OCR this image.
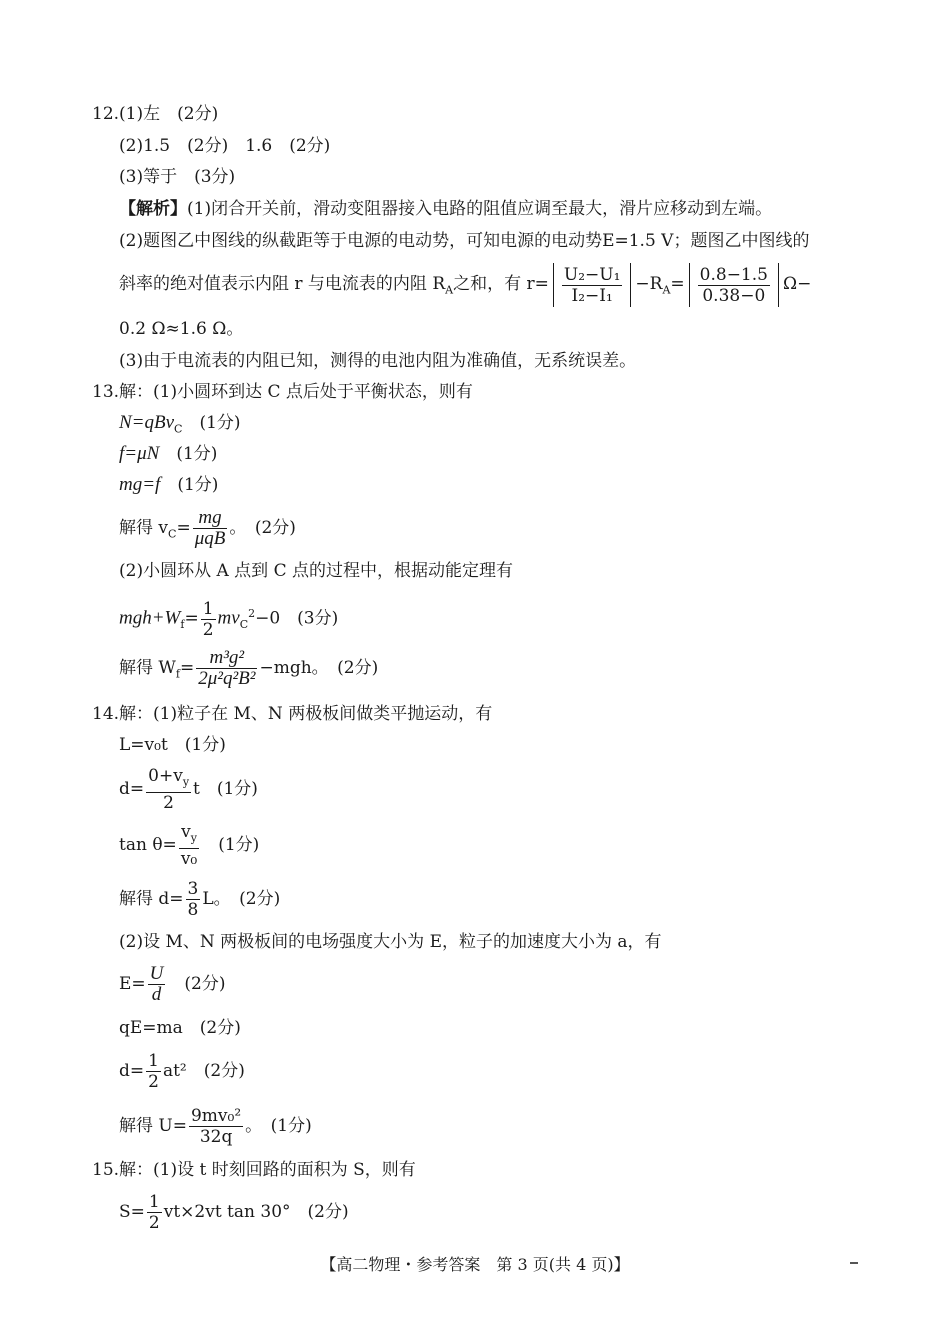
12.(1)左　(2分)
(2)1.5　(2分)　1.6　(2分)
(3)等于　(3分)
【解析】(1)闭合开关前，滑动变阻器接入电路的阻值应调至最大，滑片应移动到左端。
(2)题图乙中图线的纵截距等于电源的电动势，可知电源的电动势E=1.5 V；题图乙中图线的
斜率的绝对值表示内阻 r 与电流表的内阻 $R_A$之和，有 $r= \frac{\text{U₂−U₁}}{\text{I₂−I₁}} -R_A= \frac{0.8-1.5}{0.38-0} \Omega-$
0.2 Ω≈1.6 Ω。
(3)由于电流表的内阻已知，测得的电池内阻为准确值，无系统误差。
13.解：(1)小圆环到达 C 点后处于平衡状态，则有
N=qBv$_C$　 (1分)
f=μN　 (1分)
mg=f　 (1分)
解得 $v_C= \frac{mg}{\text{μqB}}$ 。　(2分)
(2)小圆环从 A 点到 C 点的过程中，根据动能定理有
$mgh+W_f= \frac{1}{2} mv_C^2-0$　(3分)
解得 $W_f= \frac{\text{m³g²}}{\text{2μ²q²B²}} -mgh$。　(2分)
14.解：(1)粒子在 M、N 两极板间做类平抛运动，有
L=v₀t　(1分)
$d= \frac{0+v_y}{2}$ t　(1分)
$\tan \theta= \frac{v_y}{\text{v₀}}$
　 (1分)
解得 $d= \frac{3}{8}$ L。　(2分)
(2)设 M、N 两极板间的电场强度大小为 E，粒子的加速度大小为 a，有
$E= \frac{U}{d}$
　 (2分)
qE=ma　(2分)
$d= \frac{1}{2} at^2$　(2分)
解得 $U= \frac{\text{9mv₀²}}{32q}$ 。　(1分)
15.解：(1)设 t 时刻回路的面积为 S，则有
$S= \frac{1}{2} vt\times 2vt$ tan 30°　(2分)
【高二物理・参考答案　第 3 页(共 4 页)】
